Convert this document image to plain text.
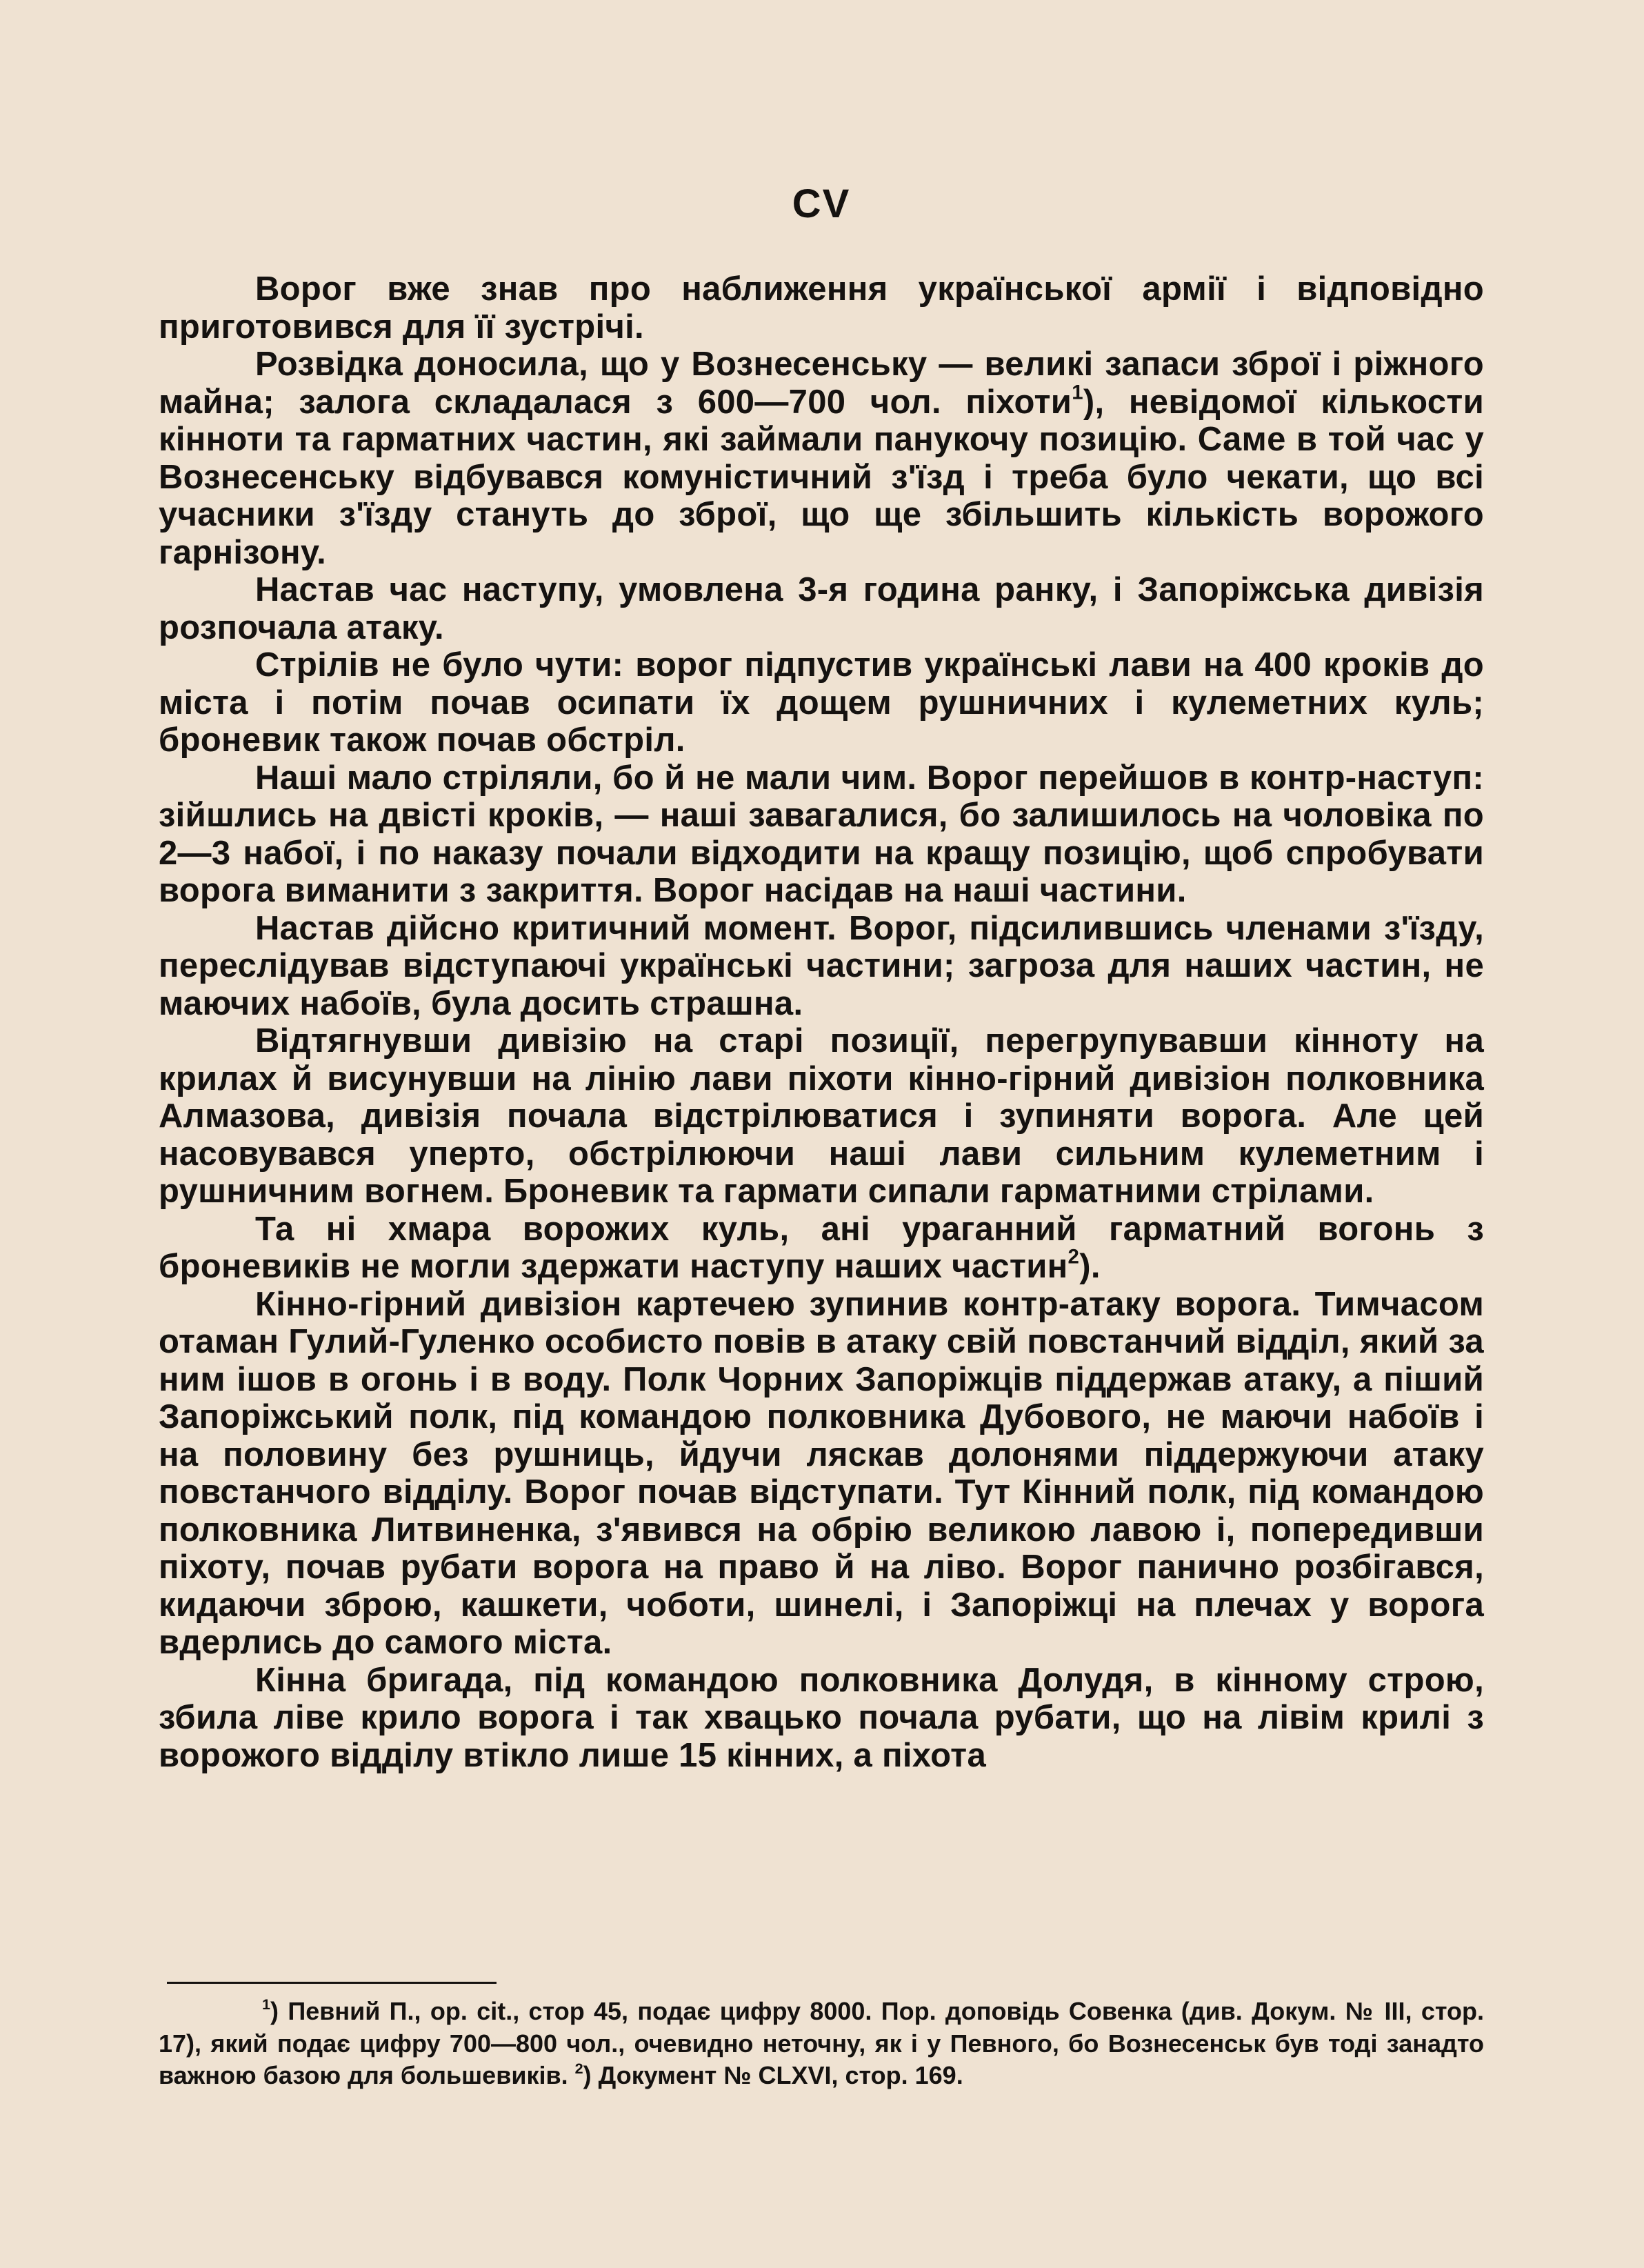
CV

Ворог вже знав про наближення української армії і відповідно приготовився для її зустрічі.

Розвідка доносила, що у Вознесенську — великі запаси зброї і ріжного майна; залога складалася з 600—700 чол. піхоти$^1$), невідомої кількости кінноти та гарматних частин, які займали панукочу позицію. Саме в той час у Вознесенську відбувався комуністичний з'їзд і треба було чекати, що всі учасники з'їзду стануть до зброї, що ще збільшить кількість ворожого гарнізону.

Настав час наступу, умовлена 3-я година ранку, і Запоріжська дивізія розпочала атаку.

Стрілів не було чути: ворог підпустив українські лави на 400 кроків до міста і потім почав осипати їх дощем рушничних і кулеметних куль; броневик також почав обстріл.

Наші мало стріляли, бо й не мали чим. Ворог перейшов в контр-наступ: зійшлись на двісті кроків, — наші завагалися, бо залишилось на чоловіка по 2—3 набої, і по наказу почали відходити на кращу позицію, щоб спробувати ворога виманити з закриття. Ворог насідав на наші частини.

Настав дійсно критичний момент. Ворог, підсилившись членами з'їзду, переслідував відступаючі українські частини; загроза для наших частин, не маючих набоїв, була досить страшна.

Відтягнувши дивізію на старі позиції, перегрупувавши кінноту на крилах й висунувши на лінію лави піхоти кінно-гірний дивізіон полковника Алмазова, дивізія почала відстрілюватися і зупиняти ворога. Але цей насовувався уперто, обстрілюючи наші лави сильним кулеметним і рушничним вогнем. Броневик та гармати сипали гарматними стрілами.

Та ні хмара ворожих куль, ані ураганний гарматний вогонь з броневиків не могли здержати наступу наших частин$^2$).

Кінно-гірний дивізіон картечею зупинив контр-атаку ворога. Тимчасом отаман Гулий-Гуленко особисто повів в атаку свій повстанчий відділ, який за ним ішов в огонь і в воду. Полк Чорних Запоріжців піддержав атаку, а піший Запоріжський полк, під командою полковника Дубового, не маючи набоїв і на половину без рушниць, йдучи ляскав долонями піддержуючи атаку повстанчого відділу. Ворог почав відступати. Тут Кінний полк, під командою полковника Литвиненка, з'явився на обрію великою лавою і, попередивши піхоту, почав рубати ворога на право й на ліво. Ворог панично розбігався, кидаючи зброю, кашкети, чоботи, шинелі, і Запоріжці на плечах у ворога вдерлись до самого міста.

Кінна бригада, під командою полковника Долудя, в кінному строю, збила ліве крило ворога і так хвацько почала рубати, що на лівім крилі з ворожого відділу втікло лише 15 кінних, а піхота

$^1$) Певний П., op. cit., стор 45, подає цифру 8000. Пор. доповідь Совенка (див. Докум. № III, стор. 17), який подає цифру 700—800 чол., очевидно неточну, як і у Певного, бо Вознесенськ був тоді занадто важною базою для большевиків. $^2$) Документ № CLXVI, стор. 169.
